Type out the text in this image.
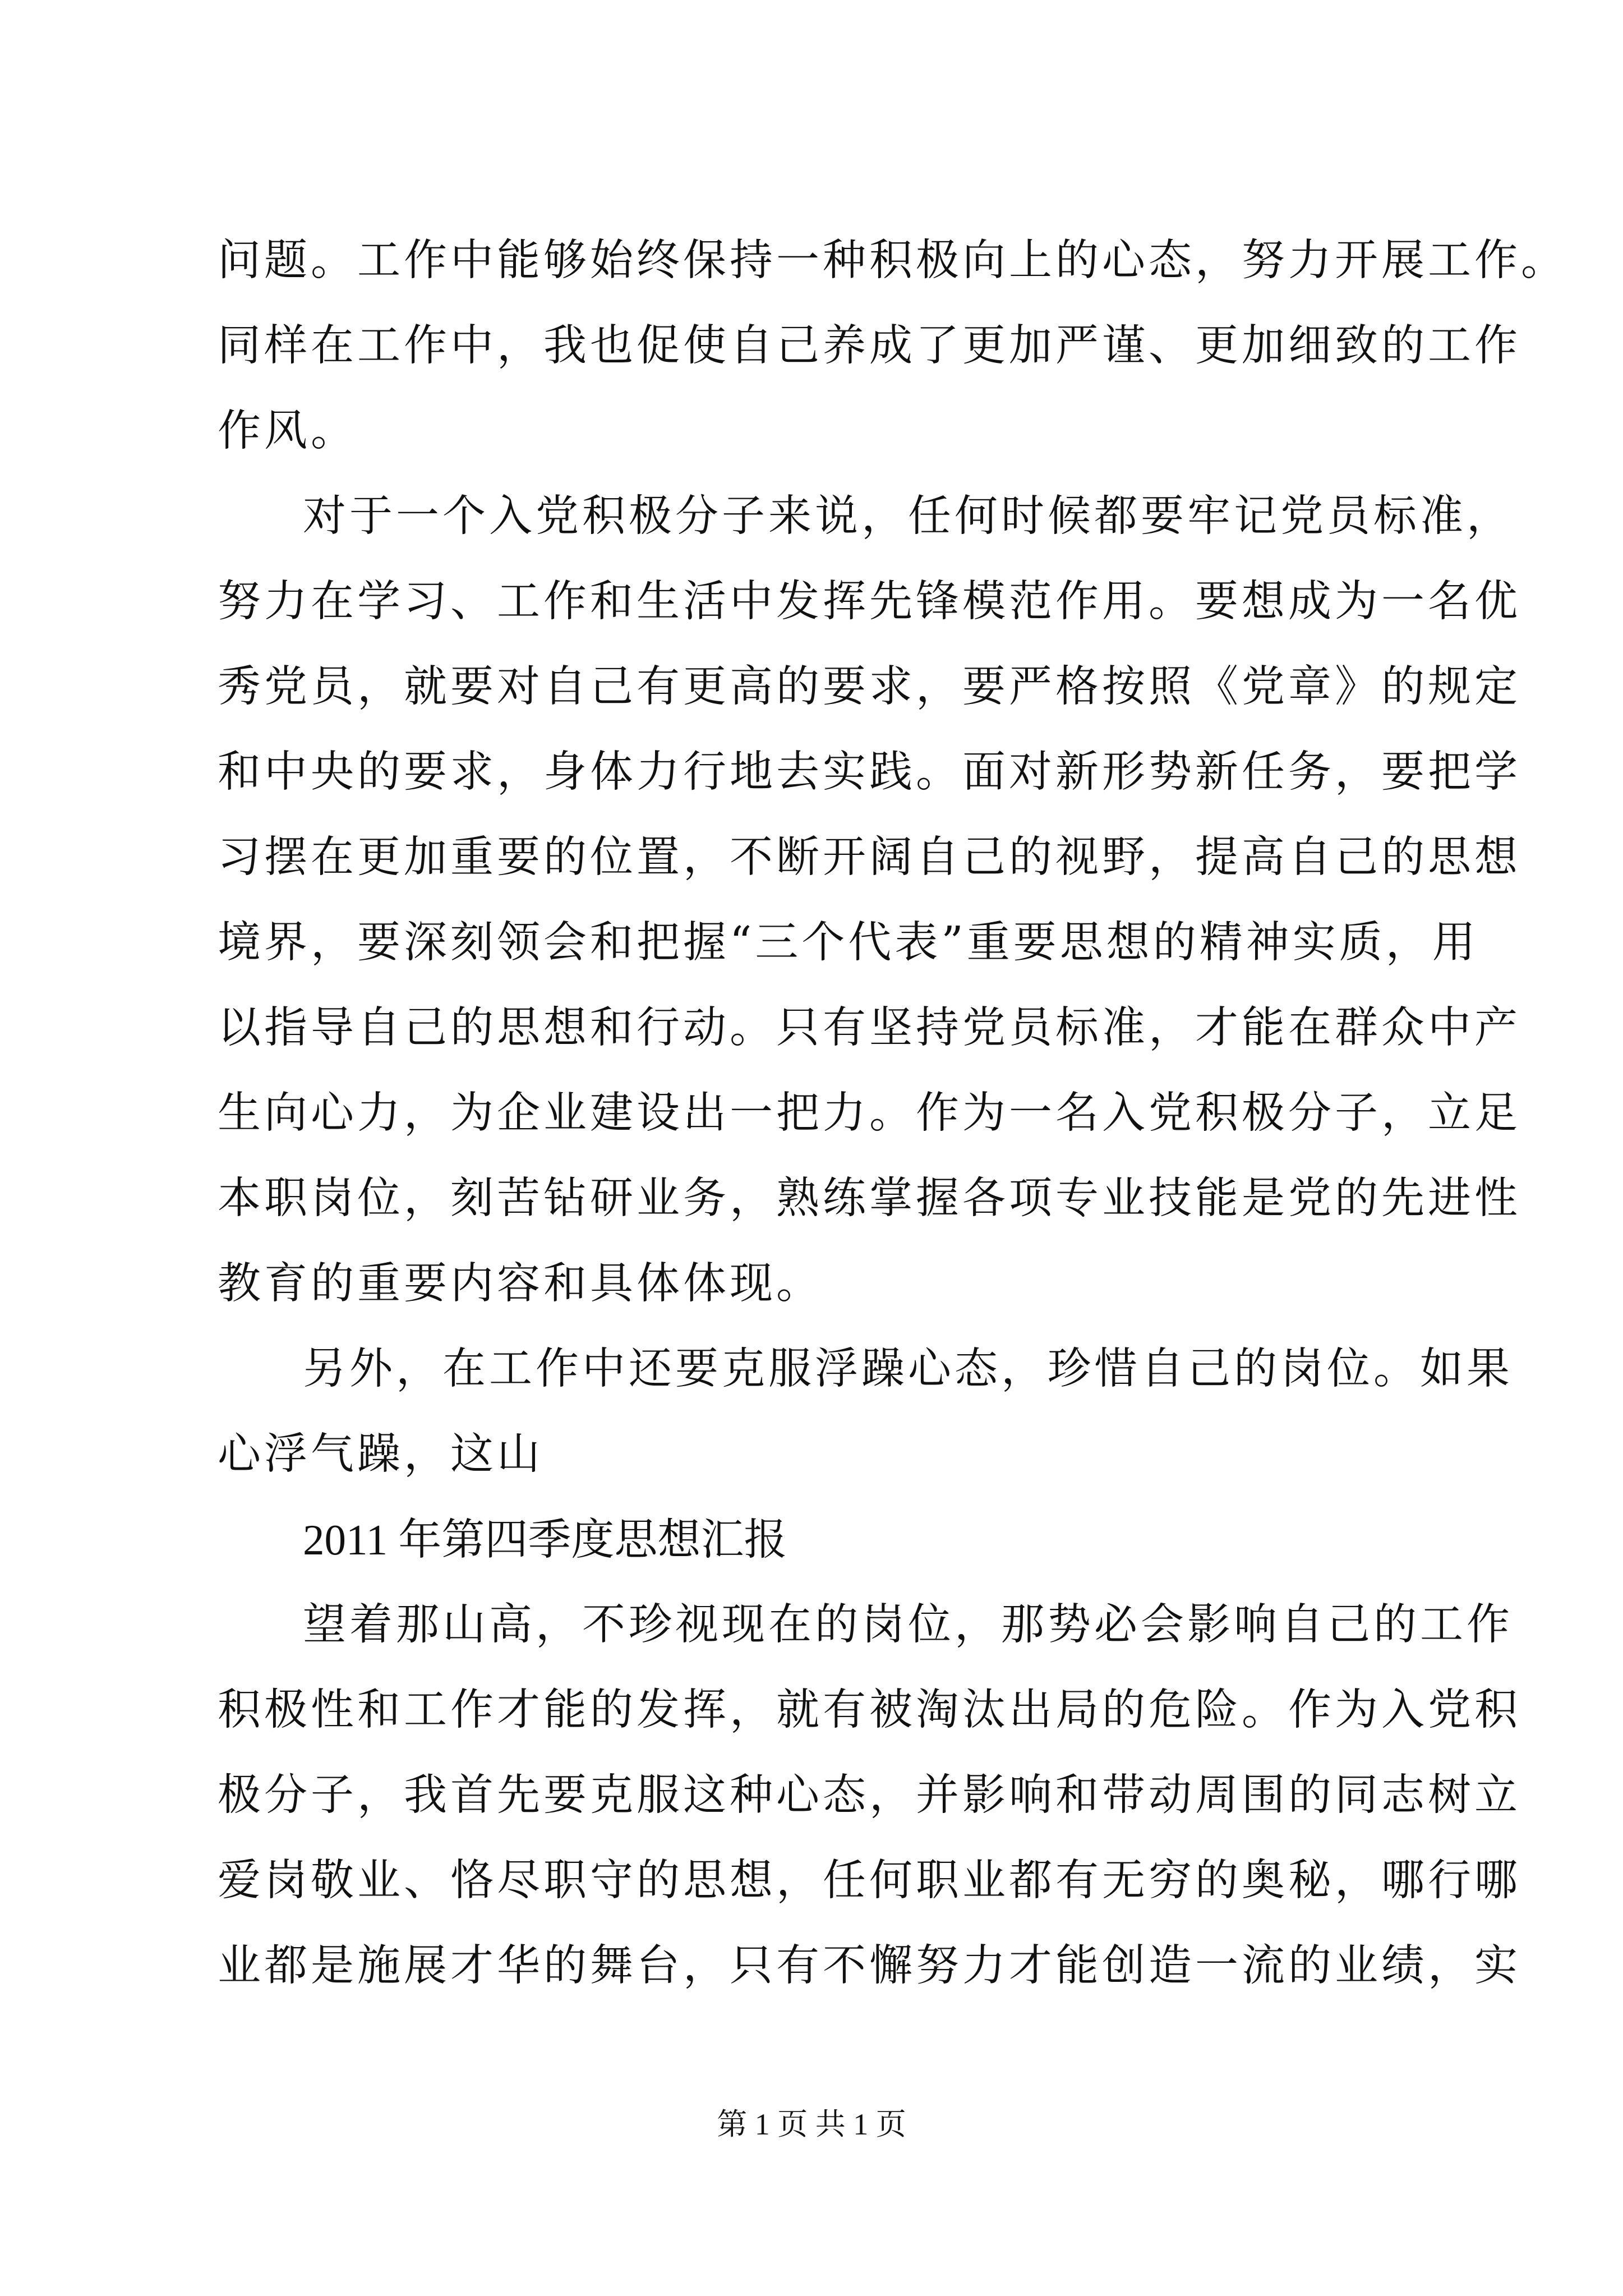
问题。工作中能够始终保持一种积极向上的心态，努力开展工作。
同样在工作中，我也促使自己养成了更加严谨、更加细致的工作
作风。
对于一个入党积极分子来说，任何时候都要牢记党员标准，
努力在学习、工作和生活中发挥先锋模范作用。要想成为一名优
秀党员，就要对自己有更高的要求，要严格按照《党章》的规定
和中央的要求，身体力行地去实践。面对新形势新任务，要把学
习摆在更加重要的位置，不断开阔自己的视野，提高自己的思想
境界，要深刻领会和把握“三个代表”重要思想的精神实质，用
以指导自己的思想和行动。只有坚持党员标准，才能在群众中产
生向心力，为企业建设出一把力。作为一名入党积极分子，立足
本职岗位，刻苦钻研业务，熟练掌握各项专业技能是党的先进性
教育的重要内容和具体体现。
另外，在工作中还要克服浮躁心态，珍惜自己的岗位。如果
心浮气躁，这山
2011 年第四季度思想汇报
望着那山高，不珍视现在的岗位，那势必会影响自己的工作
积极性和工作才能的发挥，就有被淘汰出局的危险。作为入党积
极分子，我首先要克服这种心态，并影响和带动周围的同志树立
爱岗敬业、恪尽职守的思想，任何职业都有无穷的奥秘，哪行哪
业都是施展才华的舞台，只有不懈努力才能创造一流的业绩，实
第 1 页 共 1 页
